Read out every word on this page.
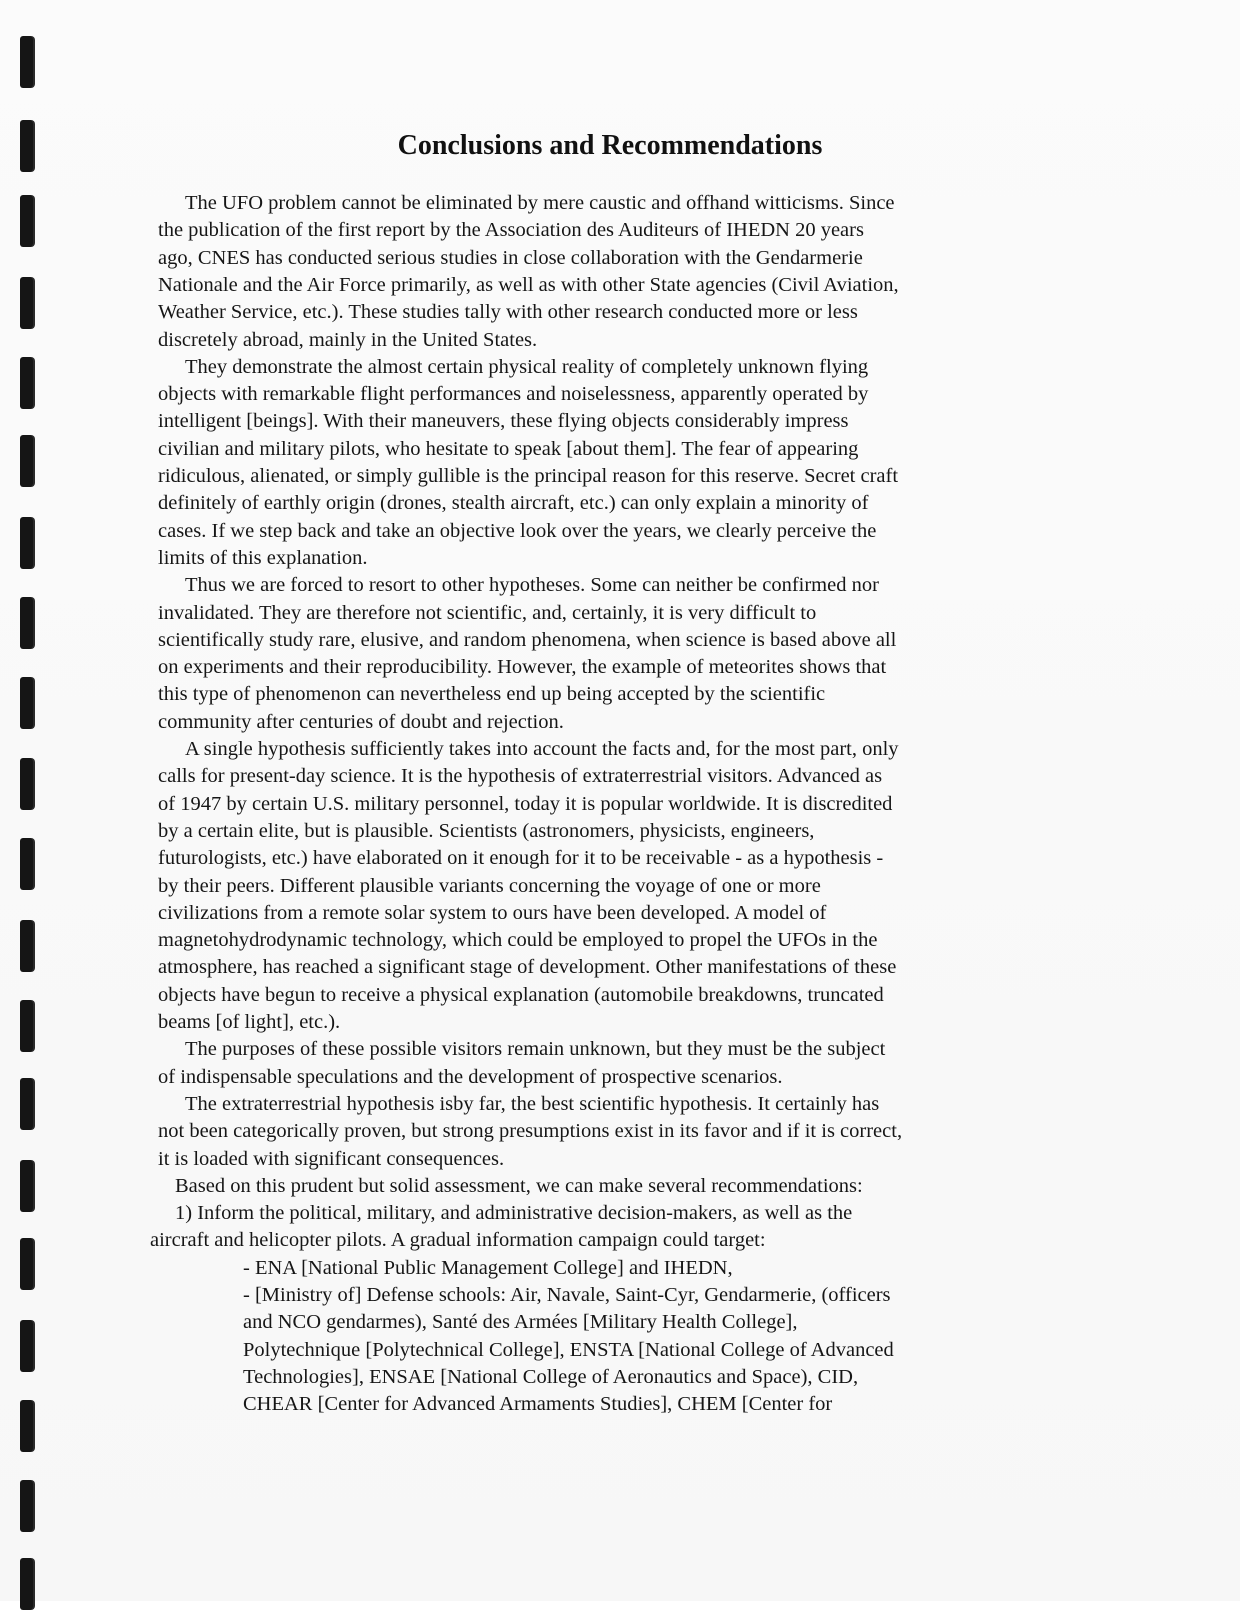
Conclusions and Recommendations
The UFO problem cannot be eliminated by mere caustic and offhand witticisms. Since
the publication of the first report by the Association des Auditeurs of IHEDN 20 years
ago, CNES has conducted serious studies in close collaboration with the Gendarmerie
Nationale and the Air Force primarily, as well as with other State agencies (Civil Aviation,
Weather Service, etc.). These studies tally with other research conducted more or less
discretely abroad, mainly in the United States.
They demonstrate the almost certain physical reality of completely unknown flying
objects with remarkable flight performances and noiselessness, apparently operated by
intelligent [beings]. With their maneuvers, these flying objects considerably impress
civilian and military pilots, who hesitate to speak [about them]. The fear of appearing
ridiculous, alienated, or simply gullible is the principal reason for this reserve. Secret craft
definitely of earthly origin (drones, stealth aircraft, etc.) can only explain a minority of
cases. If we step back and take an objective look over the years, we clearly perceive the
limits of this explanation.
Thus we are forced to resort to other hypotheses. Some can neither be confirmed nor
invalidated. They are therefore not scientific, and, certainly, it is very difficult to
scientifically study rare, elusive, and random phenomena, when science is based above all
on experiments and their reproducibility. However, the example of meteorites shows that
this type of phenomenon can nevertheless end up being accepted by the scientific
community after centuries of doubt and rejection.
A single hypothesis sufficiently takes into account the facts and, for the most part, only
calls for present-day science. It is the hypothesis of extraterrestrial visitors. Advanced as
of 1947 by certain U.S. military personnel, today it is popular worldwide. It is discredited
by a certain elite, but is plausible. Scientists (astronomers, physicists, engineers,
futurologists, etc.) have elaborated on it enough for it to be receivable - as a hypothesis -
by their peers. Different plausible variants concerning the voyage of one or more
civilizations from a remote solar system to ours have been developed. A model of
magnetohydrodynamic technology, which could be employed to propel the UFOs in the
atmosphere, has reached a significant stage of development. Other manifestations of these
objects have begun to receive a physical explanation (automobile breakdowns, truncated
beams [of light], etc.).
The purposes of these possible visitors remain unknown, but they must be the subject
of indispensable speculations and the development of prospective scenarios.
The extraterrestrial hypothesis isby far, the best scientific hypothesis. It certainly has
not been categorically proven, but strong presumptions exist in its favor and if it is correct,
it is loaded with significant consequences.
Based on this prudent but solid assessment, we can make several recommendations:
1) Inform the political, military, and administrative decision-makers, as well as the
aircraft and helicopter pilots. A gradual information campaign could target:
- ENA [National Public Management College] and IHEDN,
- [Ministry of] Defense schools: Air, Navale, Saint-Cyr, Gendarmerie, (officers
and NCO gendarmes), Santé des Armées [Military Health College],
Polytechnique [Polytechnical College], ENSTA [National College of Advanced
Technologies], ENSAE [National College of Aeronautics and Space), CID,
CHEAR [Center for Advanced Armaments Studies], CHEM [Center for
